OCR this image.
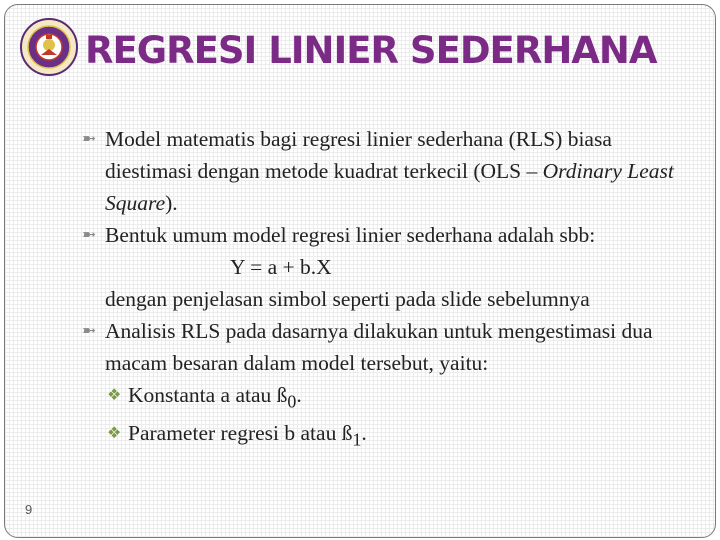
REGRESI LINIER SEDERHANA
➼ Model matematis bagi regresi linier sederhana (RLS) biasa diestimasi dengan metode kuadrat terkecil (OLS – Ordinary Least Square).
➼ Bentuk umum model regresi linier sederhana adalah sbb:
Y = a + b.X
dengan penjelasan simbol seperti pada slide sebelumnya
➼ Analisis RLS pada dasarnya dilakukan untuk mengestimasi dua macam besaran dalam model tersebut, yaitu:
❖ Konstanta a atau $ß_0$.
❖ Parameter regresi b atau $ß_1$.
9
